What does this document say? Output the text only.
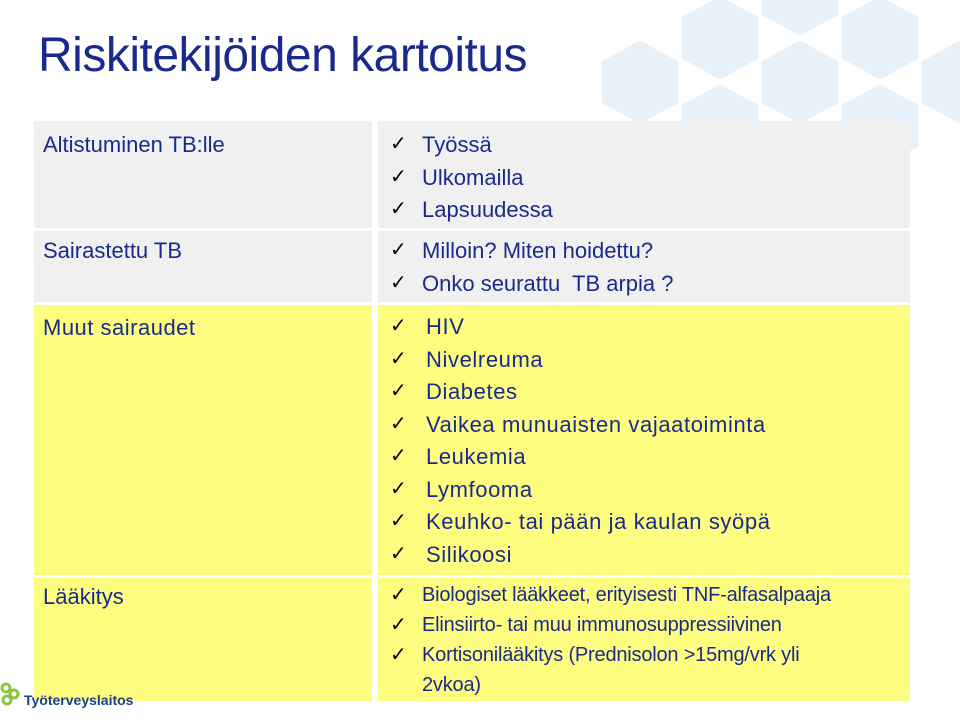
Riskitekijöiden kartoitus
Altistuminen TB:lle	✓ Työssä
✓ Ulkomailla
✓ Lapsuudessa
Sairastettu TB	✓ Milloin? Miten hoidettu?
✓ Onko seurattu  TB arpia ?
Muut sairaudet	✓ HIV
✓ Nivelreuma
✓ Diabetes
✓ Vaikea munuaisten vajaatoiminta
✓ Leukemia
✓ Lymfooma
✓ Keuhko- tai pään ja kaulan syöpä
✓ Silikoosi
Lääkitys	✓ Biologiset lääkkeet, erityisesti TNF-alfasalpaaja
✓ Elinsiirto- tai muu immunosuppressiivinen
✓ Kortisonilääkitys (Prednisolon >15mg/vrk yli
2vkoa)
Työterveyslaitos
